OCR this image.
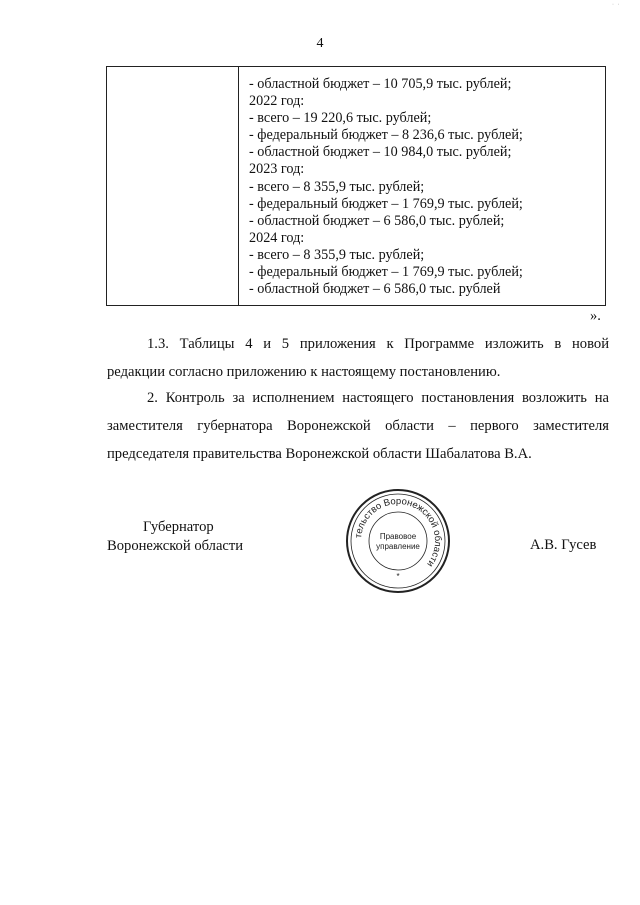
· ·
4
- областной бюджет – 10 705,9 тыс. рублей;
2022 год:
- всего – 19 220,6 тыс. рублей;
- федеральный бюджет – 8 236,6 тыс. рублей;
- областной бюджет – 10 984,0 тыс. рублей;
2023 год:
- всего – 8 355,9 тыс. рублей;
- федеральный бюджет – 1 769,9 тыс. рублей;
- областной бюджет – 6 586,0 тыс. рублей;
2024 год:
- всего – 8 355,9 тыс. рублей;
- федеральный бюджет – 1 769,9 тыс. рублей;
- областной бюджет – 6 586,0 тыс. рублей
».
1.3. Таблицы 4 и 5 приложения к Программе изложить в новой
редакции согласно приложению к настоящему постановлению.
2. Контроль за исполнением настоящего постановления возложить на
заместителя губернатора Воронежской области – первого заместителя
председателя правительства Воронежской области Шабалатова В.А.
Губернатор
Воронежской области
тельство Воронежской области
Правовое
управление
*
А.В. Гусев
